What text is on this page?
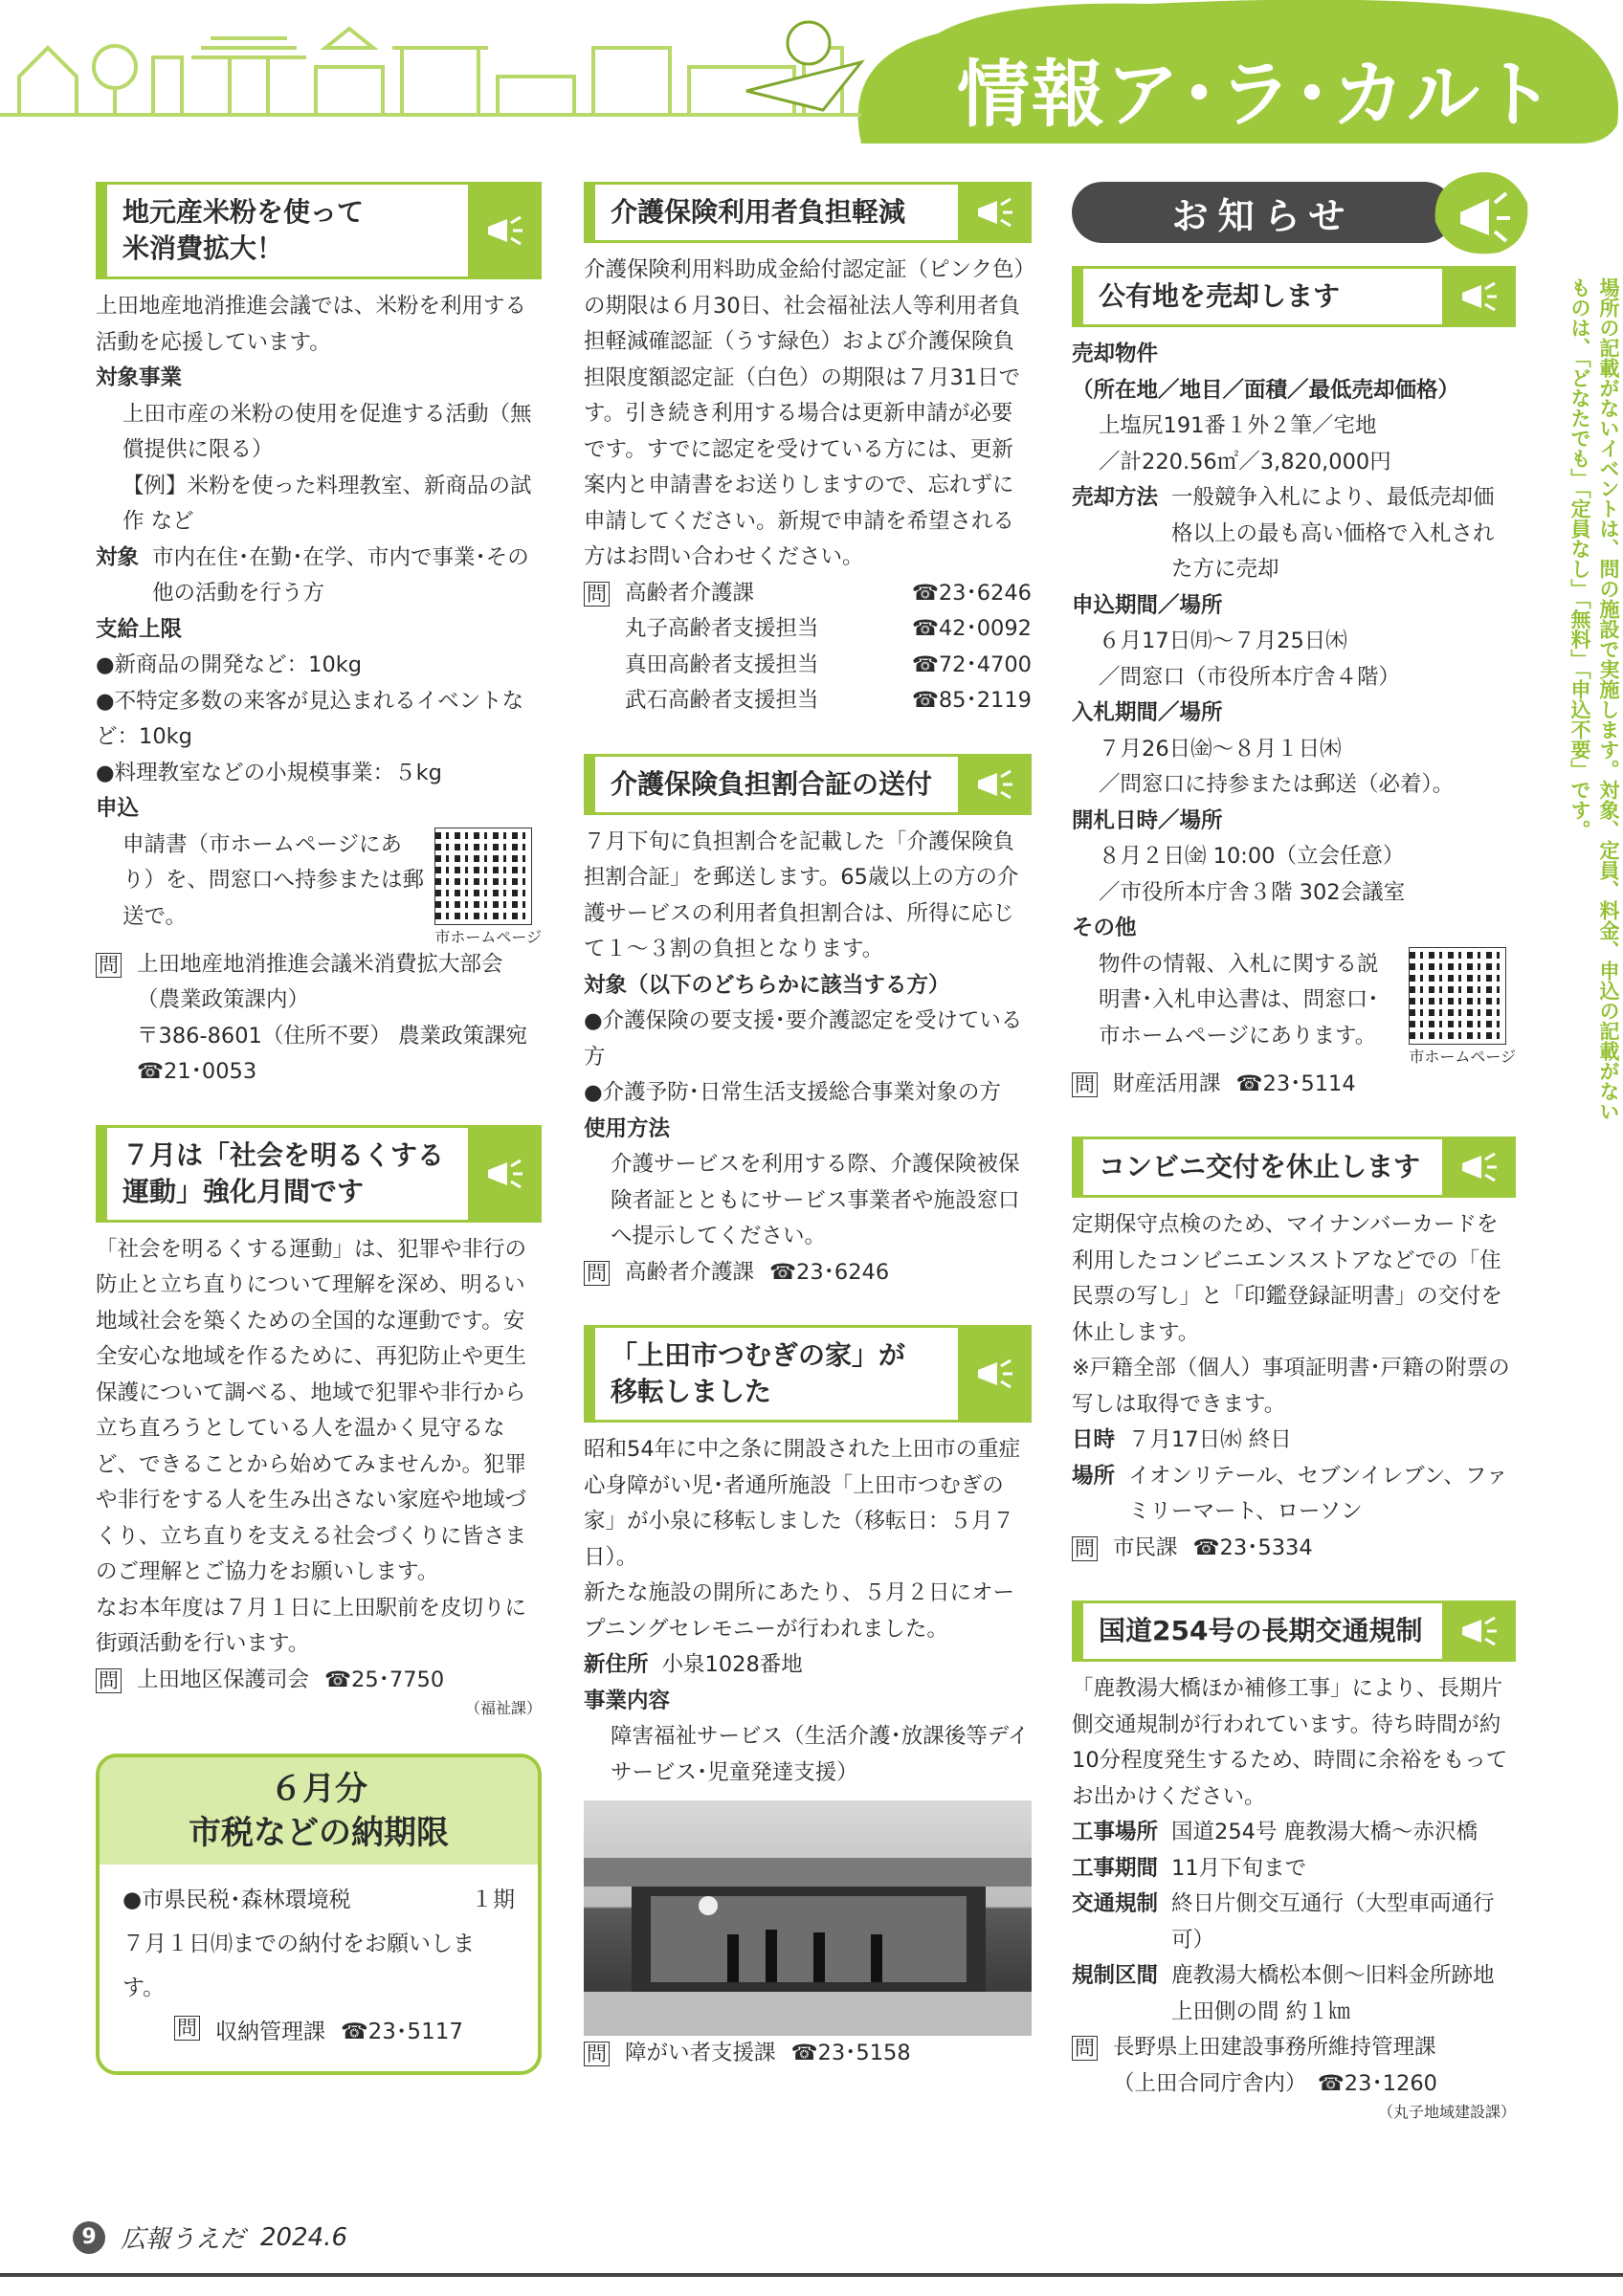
情報ア･ラ･カルト
地元産米粉を使って
米消費拡大！
上田地産地消推進会議では、米粉を利用する活動を応援しています。
対象事業
上田市産の米粉の使用を促進する活動（無償提供に限る）
【例】米粉を使った料理教室、新商品の試作 など
対象 市内在住･在勤･在学、市内で事業･その他の活動を行う方
支給上限
●新商品の開発など：10kg
●不特定多数の来客が見込まれるイベントなど：10kg
●料理教室などの小規模事業：５kg
申込
申請書（市ホームページにあり）を、問窓口へ持参または郵送で。
市ホームページ
問 上田地産地消推進会議米消費拡大部会
（農業政策課内）
〒386-8601（住所不要） 農業政策課宛
☎21･0053
７月は「社会を明るくする
運動」強化月間です
「社会を明るくする運動」は、犯罪や非行の防止と立ち直りについて理解を深め、明るい地域社会を築くための全国的な運動です。安全安心な地域を作るために、再犯防止や更生保護について調べる、地域で犯罪や非行から立ち直ろうとしている人を温かく見守るなど、できることから始めてみませんか。犯罪や非行をする人を生み出さない家庭や地域づくり、立ち直りを支える社会づくりに皆さまのご理解とご協力をお願いします。
なお本年度は７月１日に上田駅前を皮切りに街頭活動を行います。
問 上田地区保護司会 ☎25･7750
（福祉課）
６月分
市税などの納期限
●市県民税･森林環境税	１期
７月１日㈪までの納付をお願いします。
問 収納管理課 ☎23･5117
介護保険利用者負担軽減
介護保険利用料助成金給付認定証（ピンク色）の期限は６月30日、社会福祉法人等利用者負担軽減確認証（うす緑色）および介護保険負担限度額認定証（白色）の期限は７月31日です。引き続き利用する場合は更新申請が必要です。すでに認定を受けている方には、更新案内と申請書をお送りしますので、忘れずに申請してください。新規で申請を希望される方はお問い合わせください。
問 高齢者介護課	☎23･6246
丸子高齢者支援担当	☎42･0092
真田高齢者支援担当	☎72･4700
武石高齢者支援担当	☎85･2119
介護保険負担割合証の送付
７月下旬に負担割合を記載した「介護保険負担割合証」を郵送します。65歳以上の方の介護サービスの利用者負担割合は、所得に応じて１～３割の負担となります。
対象（以下のどちらかに該当する方）
●介護保険の要支援･要介護認定を受けている方
●介護予防･日常生活支援総合事業対象の方
使用方法
介護サービスを利用する際、介護保険被保険者証とともにサービス事業者や施設窓口へ提示してください。
問 高齢者介護課 ☎23･6246
「上田市つむぎの家」が
移転しました
昭和54年に中之条に開設された上田市の重症心身障がい児･者通所施設「上田市つむぎの家」が小泉に移転しました（移転日：５月７日）。
新たな施設の開所にあたり、５月２日にオープニングセレモニーが行われました。
新住所 小泉1028番地
事業内容
障害福祉サービス（生活介護･放課後等デイサービス･児童発達支援）
問 障がい者支援課 ☎23･5158
お知らせ
公有地を売却します
売却物件
（所在地／地目／面積／最低売却価格）
上塩尻191番１外２筆／宅地
／計220.56㎡／3,820,000円
売却方法 一般競争入札により、最低売却価格以上の最も高い価格で入札された方に売却
申込期間／場所
６月17日㈪～７月25日㈭
／問窓口（市役所本庁舎４階）
入札期間／場所
７月26日㈮～８月１日㈭
／問窓口に持参または郵送（必着）。
開札日時／場所
８月２日㈮ 10:00（立会任意）
／市役所本庁舎３階 302会議室
その他
物件の情報、入札に関する説明書･入札申込書は、問窓口･市ホームページにあります。
市ホームページ
問 財産活用課 ☎23･5114
コンビニ交付を休止します
定期保守点検のため、マイナンバーカードを利用したコンビニエンスストアなどでの「住民票の写し」と「印鑑登録証明書」の交付を休止します。
※戸籍全部（個人）事項証明書･戸籍の附票の写しは取得できます。
日時 ７月17日㈬ 終日
場所 イオンリテール、セブンイレブン、ファミリーマート、ローソン
問 市民課 ☎23･5334
国道254号の長期交通規制
「鹿教湯大橋ほか補修工事」により、長期片側交通規制が行われています。待ち時間が約10分程度発生するため、時間に余裕をもってお出かけください。
工事場所 国道254号 鹿教湯大橋～赤沢橋
工事期間 11月下旬まで
交通規制 終日片側交互通行（大型車両通行可）
規制区間 鹿教湯大橋松本側～旧料金所跡地上田側の間 約１㎞
問 長野県上田建設事務所維持管理課
（上田合同庁舎内）　 ☎23･1260
（丸子地域建設課）
場所の記載がないイベントは、問の施設で実施します。対象、定員、料金、申込の記載がないものは、「どなたでも」「定員なし」「無料」「申込不要」です。
9 広報うえだ 2024.6
